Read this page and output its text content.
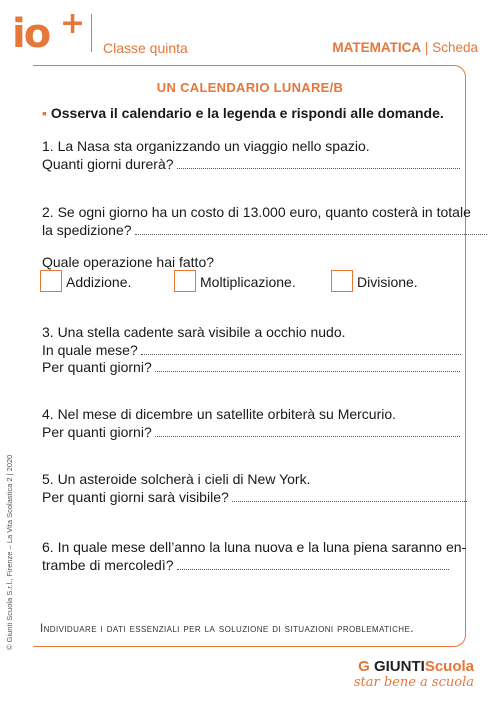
io +
Classe quinta	MATEMATICA | Scheda
UN CALENDARIO LUNARE/B
▪ Osserva il calendario e la legenda e rispondi alle domande.
1. La Nasa sta organizzando un viaggio nello spazio.
Quanti giorni durerà?
2. Se ogni giorno ha un costo di 13.000 euro, quanto costerà in totale
la spedizione?
Quale operazione hai fatto?
Addizione.	Moltiplicazione.	Divisione.
3. Una stella cadente sarà visibile a occhio nudo.
In quale mese?
Per quanti giorni?
4. Nel mese di dicembre un satellite orbiterà su Mercurio.
Per quanti giorni?
5. Un asteroide solcherà i cieli di New York.
Per quanti giorni sarà visibile?
6. In quale mese dell’anno la luna nuova e la luna piena saranno en-
trambe di mercoledì?
Individuare i dati essenziali per la soluzione di situazioni problematiche.
© Giunti Scuola S.r.l., Firenze – La Vita Scolastica 2 | 2020
G GIUNTIScuola
star bene a scuola
